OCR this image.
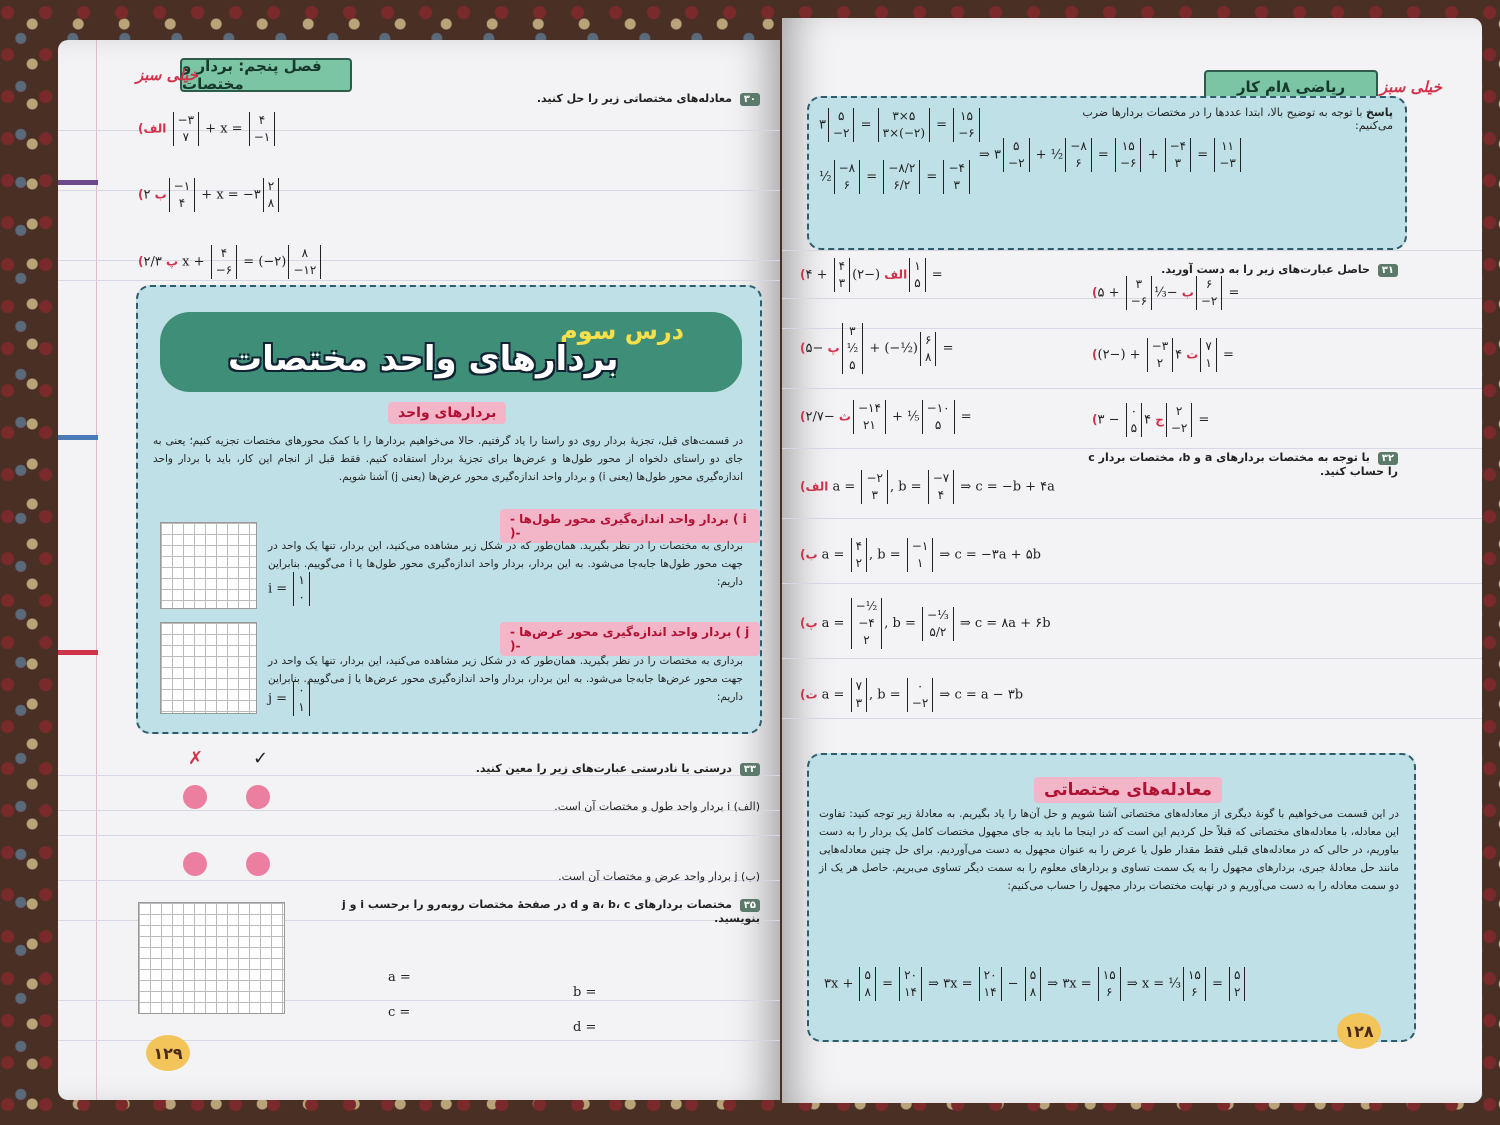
فصل پنجم: بردار و مختصات
خیلی سبز
۳۰ معادله‌های مختصاتی زیر را حل کنید.
(الف −۳
۷ + x = ۴
−۱
(ب ۲−۱
۴ + x = −۳۲
۸
(پ ۲/۳ x + ۴
−۶ = (−۲)۸
−۱۲
درس سوم
بردارهای واحد مختصات
بردارهای واحد
در قسمت‌های قبل، تجزیهٔ بردار روی دو راستا را یاد گرفتیم. حالا می‌خواهیم بردارها را با کمک محورهای مختصات تجزیه کنیم؛ یعنی به جای دو راستای دلخواه از محور طول‌ها و عرض‌ها برای تجزیهٔ بردار استفاده کنیم. فقط قبل از انجام این کار، باید با بردار واحد اندازه‌گیری محور طول‌ها (یعنی i) و بردار واحد اندازه‌گیری محور عرض‌ها (یعنی j) آشنا شویم.
- بردار واحد اندازه‌گیری محور طول‌ها ( i )-
برداری به مختصات را در نظر بگیرید. همان‌طور که در شکل زیر مشاهده می‌کنید، این بردار، تنها یک واحد در جهت محور طول‌ها جابه‌جا می‌شود. به این بردار، بردار واحد اندازه‌گیری محور طول‌ها یا i می‌گوییم. بنابراین داریم:
i = ۱
۰
- بردار واحد اندازه‌گیری محور عرض‌ها ( j )-
برداری به مختصات را در نظر بگیرید. همان‌طور که در شکل زیر مشاهده می‌کنید، این بردار، تنها یک واحد در جهت محور عرض‌ها جابه‌جا می‌شود. به این بردار، بردار واحد اندازه‌گیری محور عرض‌ها یا j می‌گوییم. بنابراین داریم:
j = ۰
۱
✓
✗
۳۳ درستی یا نادرستی عبارت‌های زیر را معین کنید.
(الف) i بردار واحد طول و مختصات آن است.
(ب) j بردار واحد عرض و مختصات آن است.
۳۵ مختصات بردارهای a، b، c و d در صفحهٔ مختصات روبه‌رو را برحسب i و j بنویسید.
a =
b =
c =
d =
۱۲۹
ریاضی ۸ام کار	خیلی سبز
پاسخ با توجه به توضیح بالا، ابتدا عددها را در مختصات بردارها ضرب می‌کنیم:
۳۵
−۲ = ۳×۵
۳×(−۲) = ۱۵
−۶
½−۸
۶ = −۸/۲
۶/۲ = −۴
۳
⇒ ۳۵
−۲ + ½−۸
۶ = ۱۵
−۶ + −۴
۳ = ۱۱
−۳
۳۱ حاصل عبارت‌های زیر را به دست آورید.
(الف (−۲)۴
۳ + ۴۱
۵ =
(ب −⅓۳
−۶ + ۵۶
−۲ =
(پ −۵۳
½
۵ + (−½)۶
۸ =	(ت ۴−۳
۲ + (−۲)۷
۱ =
(ث −۲/۷−۱۴
۲۱ + ⅕−۱۰
۵ =	(ج ۴۰
۵ − ۳۲
−۲ =
۳۲ با توجه به مختصات بردارهای a و b، مختصات بردار c را حساب کنید.
(الف a = −۲
۳, b = −۷
۴ ⇒ c = −b + ۴a
(ب a = ۴
۲, b = −۱
۱ ⇒ c = −۳a + ۵b
(پ a = −½
−۴
۲, b = −⅓
۵/۲ ⇒ c = ۸a + ۶b
(ت a = ۷
۳, b = ۰
−۲ ⇒ c = a − ۳b
معادله‌های مختصاتی
در این قسمت می‌خواهیم با گونهٔ دیگری از معادله‌های مختصاتی آشنا شویم و حل آن‌ها را یاد بگیریم. به معادلهٔ زیر توجه کنید: تفاوت این معادله، با معادله‌های مختصاتی که قبلاً حل کردیم این است که در اینجا ما باید به جای مجهول مختصات کامل یک بردار را به دست بیاوریم، در حالی که در معادله‌های قبلی فقط مقدار طول یا عرض را به عنوان مجهول به دست می‌آوردیم. برای حل چنین معادله‌هایی مانند حل معادلهٔ جبری، بردارهای مجهول را به یک سمت تساوی و بردارهای معلوم را به سمت دیگر تساوی می‌بریم. حاصل هر یک از دو سمت معادله را به دست می‌آوریم و در نهایت مختصات بردار مجهول را حساب می‌کنیم:
۳x + ۵
۸ = ۲۰
۱۴ ⇒ ۳x = ۲۰
۱۴ − ۵
۸ ⇒ ۳x = ۱۵
۶ ⇒ x = ⅓۱۵
۶ = ۵
۲
۱۲۸
